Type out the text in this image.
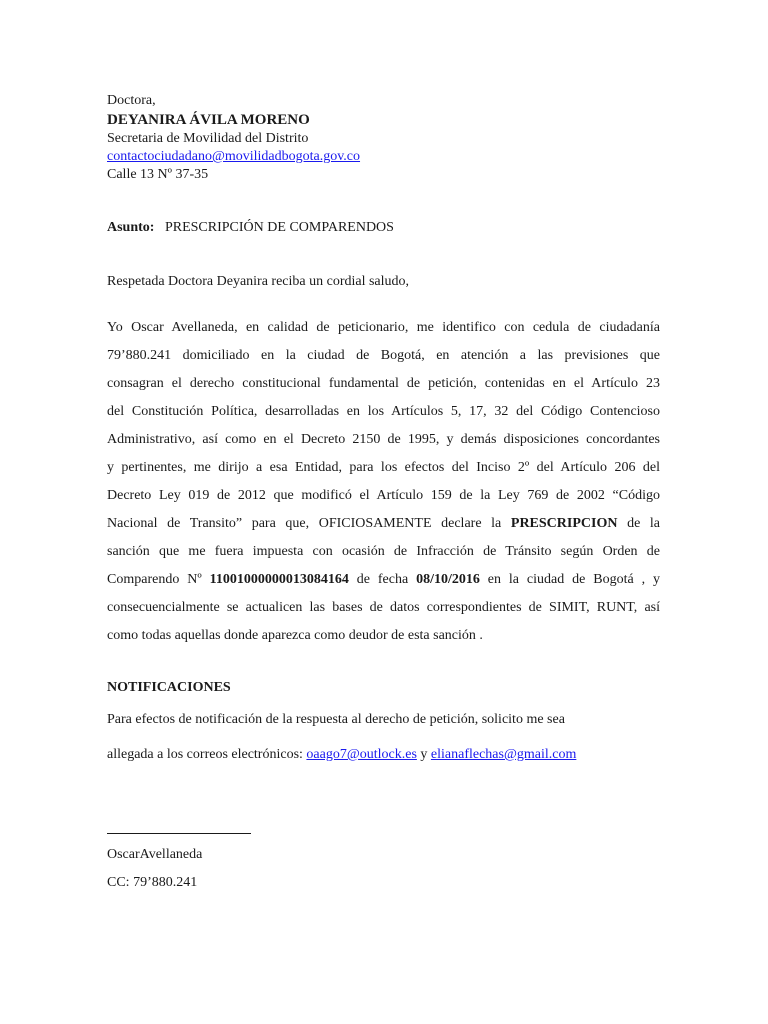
Doctora,
DEYANIRA ÁVILA MORENO
Secretaria de Movilidad del Distrito
contactociudadano@movilidadbogota.gov.co
Calle 13 Nº 37-35
Asunto: PRESCRIPCIÓN DE COMPARENDOS
Respetada Doctora Deyanira reciba un cordial saludo,
Yo Oscar Avellaneda, en calidad de peticionario, me identifico con cedula de ciudadanía
79’880.241 domiciliado en la ciudad de Bogotá, en atención a las previsiones que
consagran el derecho constitucional fundamental de petición, contenidas en el Artículo 23
del Constitución Política, desarrolladas en los Artículos 5, 17, 32 del Código Contencioso
Administrativo, así como en el Decreto 2150 de 1995, y demás disposiciones concordantes
y pertinentes, me dirijo a esa Entidad, para los efectos del Inciso 2º del Artículo 206 del
Decreto Ley 019 de 2012 que modificó el Artículo 159 de la Ley 769 de 2002 “Código
Nacional de Transito” para que, OFICIOSAMENTE declare la PRESCRIPCION de la
sanción que me fuera impuesta con ocasión de Infracción de Tránsito según Orden de
Comparendo Nº 11001000000013084164 de fecha 08/10/2016 en la ciudad de Bogotá , y
consecuencialmente se actualicen las bases de datos correspondientes de SIMIT, RUNT, así
como todas aquellas donde aparezca como deudor de esta sanción .
NOTIFICACIONES
Para efectos de notificación de la respuesta al derecho de petición, solicito me sea
allegada a los correos electrónicos: oaago7@outlock.es y elianaflechas@gmail.com
OscarAvellaneda
CC: 79’880.241
